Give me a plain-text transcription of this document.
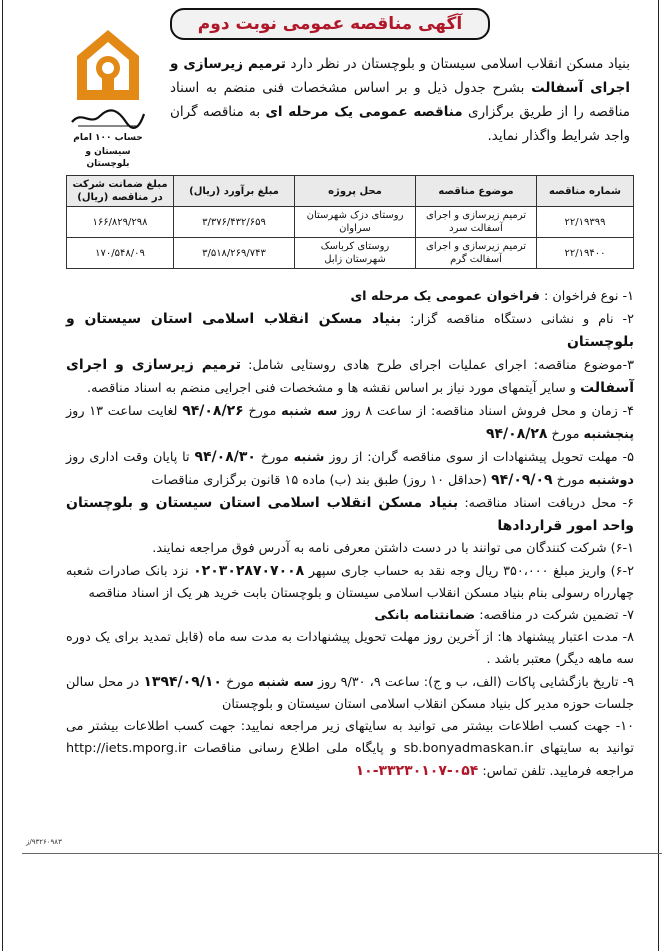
آگهی مناقصه عمومی نوبت دوم
حساب ۱۰۰ امام
سیستان و بلوچستان
بنیاد مسکن انقلاب اسلامی سیستان و بلوچستان در نظر دارد ترمیم زیرسازی و اجرای آسفالت بشرح جدول ذیل و بر اساس مشخصات فنی منضم به اسناد مناقصه را از طریق برگزاری مناقصه عمومی یک مرحله ای به مناقصه گران واجد شرایط واگذار نماید.
شماره مناقصه	موضوع مناقصه	محل پروژه	مبلغ برآورد (ریال)	مبلغ ضمانت شرکت در مناقصه (ریال)
۲۲/۱۹۳۹۹	ترمیم زیرسازی و اجرای آسفالت سرد	روستای دزک شهرستان سراوان	۳/۳۷۶/۴۳۲/۶۵۹	۱۶۶/۸۲۹/۲۹۸
۲۲/۱۹۴۰۰	ترمیم زیرسازی و اجرای آسفالت گرم	روستای کرباسک شهرستان زابل	۳/۵۱۸/۲۶۹/۷۴۳	۱۷۰/۵۴۸/۰۹

۱- نوع فراخوان : فراخوان عمومی یک مرحله ای

۲- نام و نشانی دستگاه مناقصه گزار: بنیاد مسکن انقلاب اسلامی استان سیستان و بلوچستان

۳-موضوع مناقصه: اجرای عملیات اجرای طرح هادی روستایی شامل: ترمیم زیرسازی و اجرای آسفالت و سایر آیتمهای مورد نیاز بر اساس نقشه ها و مشخصات فنی اجرایی منضم به اسناد مناقصه.

۴- زمان و محل فروش اسناد مناقصه: از ساعت ۸ روز سه شنبه مورخ ۹۴/۰۸/۲۶ لغایت ساعت ۱۳ روز پنجشنبه مورخ ۹۴/۰۸/۲۸

۵- مهلت تحویل پیشنهادات از سوی مناقصه گران: از روز شنبه مورخ ۹۴/۰۸/۳۰ تا پایان وقت اداری روز دوشنبه مورخ ۹۴/۰۹/۰۹ (حداقل ۱۰ روز) طبق بند (ب) ماده ۱۵ قانون برگزاری مناقصات

۶- محل دریافت اسناد مناقصه: بنیاد مسکن انقلاب اسلامی استان سیستان و بلوچستان واحد امور قراردادها

۶-۱) شرکت کنندگان می توانند با در دست داشتن معرفی نامه به آدرس فوق مراجعه نمایند.

۶-۲) واریز مبلغ ۳۵۰،۰۰۰ ریال وجه نقد به حساب جاری سپهر ۰۲۰۳۰۲۸۷۰۷۰۰۸ نزد بانک صادرات شعبه چهارراه رسولی بنام بنیاد مسکن انقلاب اسلامی سیستان و بلوچستان بابت خرید هر یک از اسناد مناقصه

۷- تضمین شرکت در مناقصه: ضمانتنامه بانکی

۸- مدت اعتبار پیشنهاد ها: از آخرین روز مهلت تحویل پیشنهادات به مدت سه ماه (قابل تمدید برای یک دوره سه ماهه دیگر) معتبر باشد .

۹- تاریخ بازگشایی پاکات (الف، ب و ج): ساعت ۹، ۹/۳۰ روز سه شنبه مورخ ۱۳۹۴/۰۹/۱۰ در محل سالن جلسات حوزه مدیر کل بنیاد مسکن انقلاب اسلامی استان سیستان و بلوچستان

۱۰- جهت کسب اطلاعات بیشتر می توانید به سایتهای زیر مراجعه نمایید: جهت کسب اطلاعات بیشتر می توانید به سایتهای sb.bonyadmaskan.ir و پایگاه ملی اطلاع رسانی مناقصات http://iets.mporg.ir مراجعه فرمایید. تلفن تماس: ۰۵۴-۳۳۲۳۰۱۰۷-۱۰

۹۳۲۶۰۹۸۳/ز
